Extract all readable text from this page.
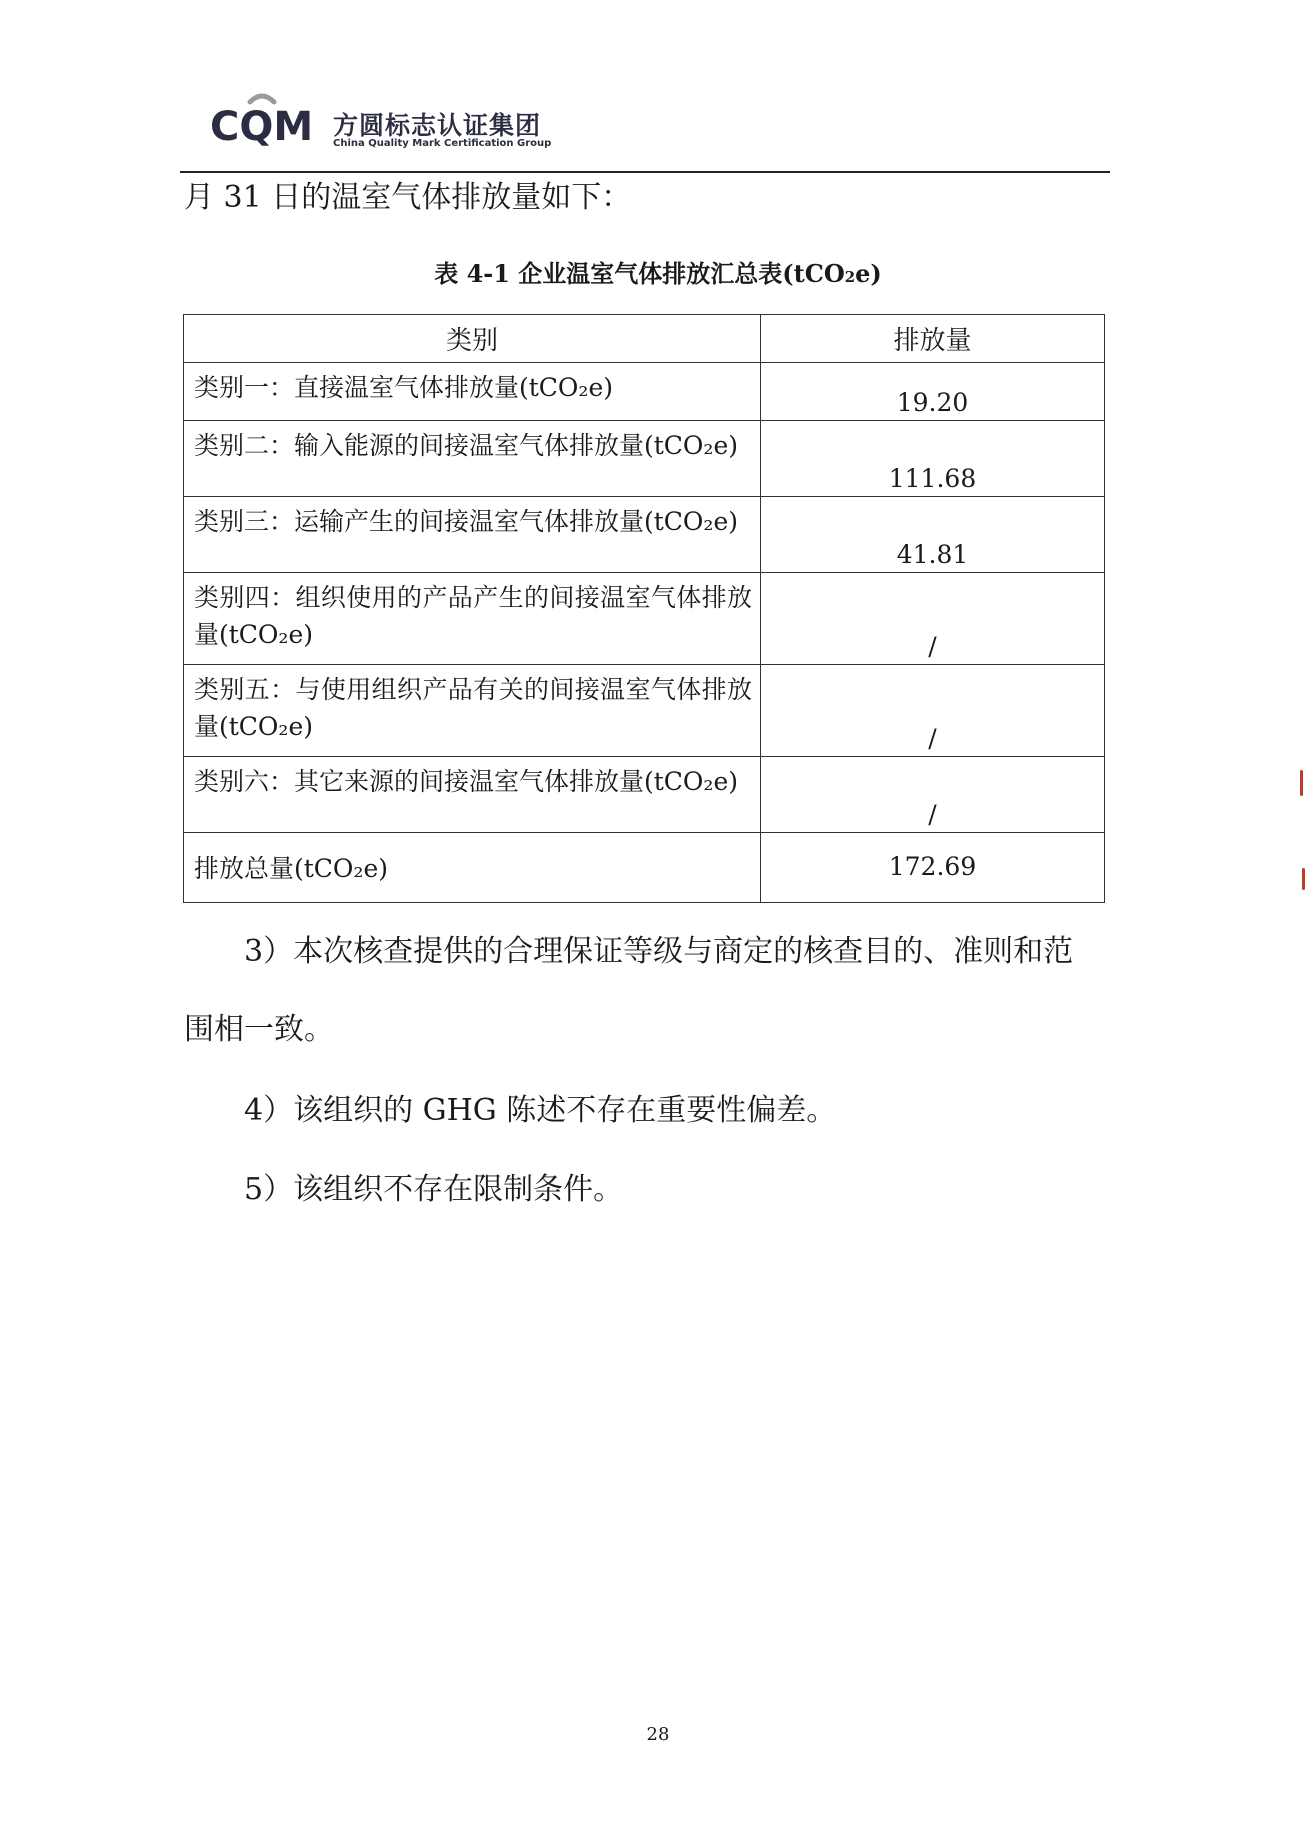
CQM 方圆标志认证集团
China Quality Mark Certification Group
月 31 日的温室气体排放量如下：
表 4-1 企业温室气体排放汇总表(tCO2e)
类别	排放量
类别一：直接温室气体排放量(tCO₂e)	19.20
类别二：输入能源的间接温室气体排放量(tCO₂e)	111.68
类别三：运输产生的间接温室气体排放量(tCO₂e)	41.81
类别四：组织使用的产品产生的间接温室气体排放量(tCO₂e)	/
类别五：与使用组织产品有关的间接温室气体排放量(tCO₂e)	/
类别六：其它来源的间接温室气体排放量(tCO₂e)	/
排放总量(tCO₂e)	172.69
3）本次核查提供的合理保证等级与商定的核查目的、准则和范
围相一致。
4）该组织的 GHG 陈述不存在重要性偏差。
5）该组织不存在限制条件。
28
